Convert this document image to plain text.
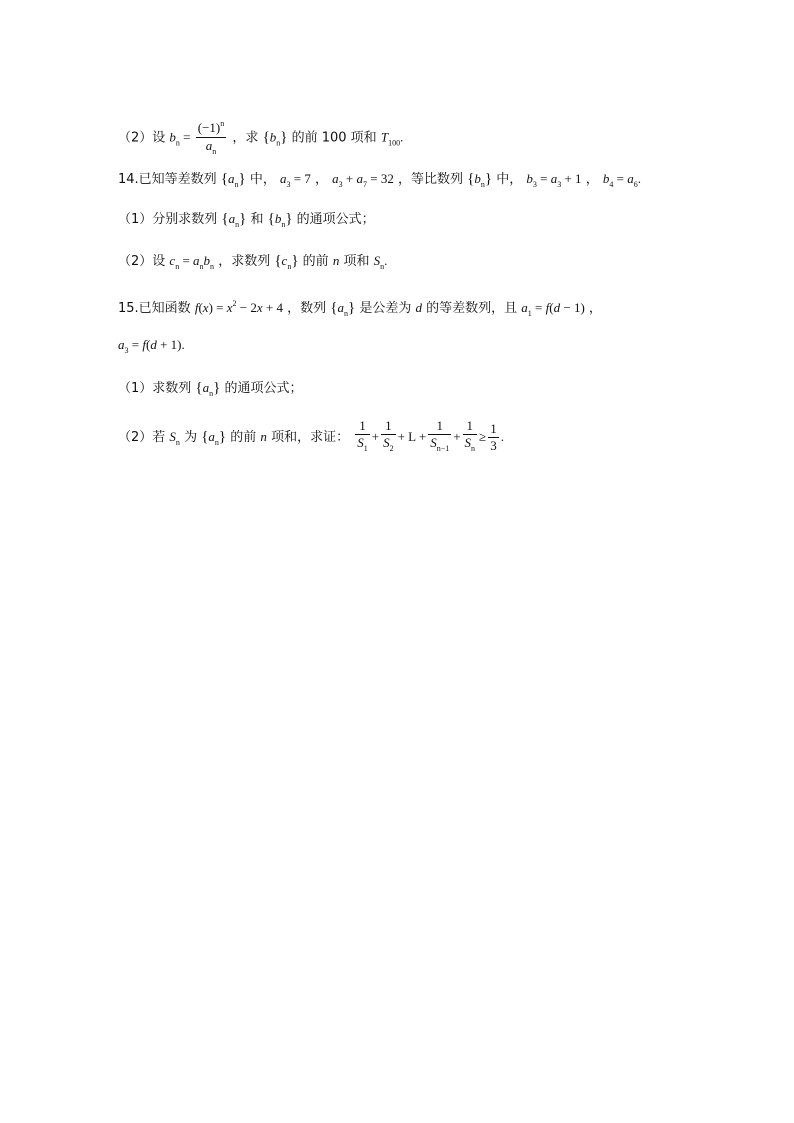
（2）设 $b_n = \frac{(-1)^n}{a_n}$ ，求 $\{b_n\}$ 的前 100 项和 $T_{100}$.
14.已知等差数列 $\{a_n\}$ 中， $a_3 = 7$ ， $a_3 + a_7 = 32$ ，等比数列 $\{b_n\}$ 中， $b_3 = a_3 + 1$ ， $b_4 = a_6$.
（1）分别求数列 $\{a_n\}$ 和 $\{b_n\}$ 的通项公式；
（2）设 $c_n = a_nb_n$ ，求数列 $\{c_n\}$ 的前 n 项和 $S_n$.
15.已知函数 $f(x) = x^2 - 2x + 4$ ，数列 $\{a_n\}$ 是公差为 d 的等差数列，且 $a_1 = f(d - 1)$ ，
$a_3 = f(d + 1)$.
（1）求数列 $\{a_n\}$ 的通项公式；
（2）若 $S_n$ 为 $\{a_n\}$ 的前 n 项和，求证： $\frac{1}{S_1} + \frac{1}{S_2} + L + \frac{1}{S_{n-1}} + \frac{1}{S_n} \ge \frac{1}{3}$ .
